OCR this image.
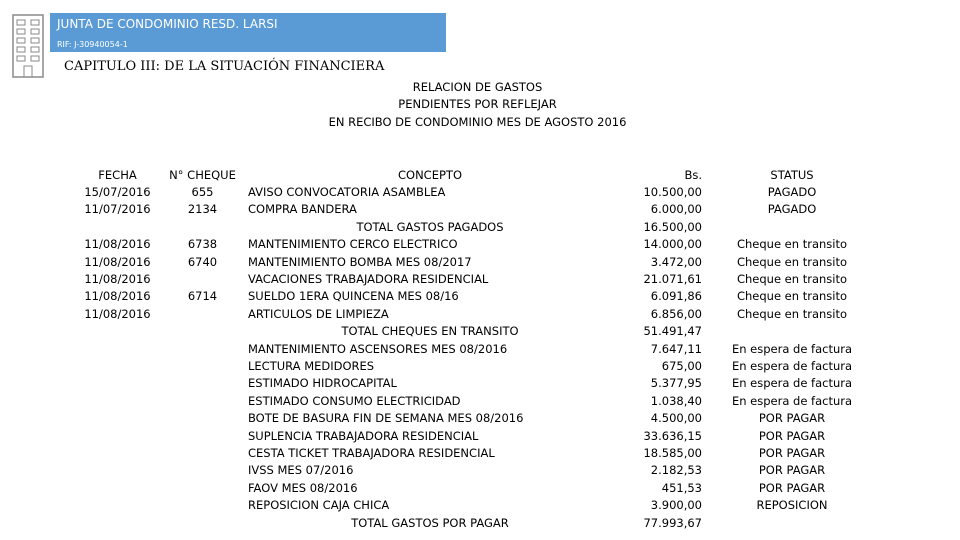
JUNTA DE CONDOMINIO RESD. LARSI
RIF: J-30940054-1
CAPITULO III: DE LA SITUACIÓN FINANCIERA
RELACION DE GASTOS
PENDIENTES POR REFLEJAR
EN RECIBO DE CONDOMINIO MES DE AGOSTO 2016
FECHA	N° CHEQUE	CONCEPTO	Bs.	STATUS
15/07/2016	655	AVISO CONVOCATORIA ASAMBLEA	10.500,00	PAGADO
11/07/2016	2134	COMPRA BANDERA	6.000,00	PAGADO
TOTAL GASTOS PAGADOS	16.500,00
11/08/2016	6738	MANTENIMIENTO CERCO ELECTRICO	14.000,00	Cheque en transito
11/08/2016	6740	MANTENIMIENTO BOMBA MES 08/2017	3.472,00	Cheque en transito
11/08/2016	VACACIONES TRABAJADORA RESIDENCIAL	21.071,61	Cheque en transito
11/08/2016	6714	SUELDO 1ERA QUINCENA MES 08/16	6.091,86	Cheque en transito
11/08/2016	ARTICULOS DE LIMPIEZA	6.856,00	Cheque en transito
TOTAL CHEQUES EN TRANSITO	51.491,47
MANTENIMIENTO ASCENSORES MES 08/2016	7.647,11	En espera de factura
LECTURA MEDIDORES	675,00	En espera de factura
ESTIMADO HIDROCAPITAL	5.377,95	En espera de factura
ESTIMADO CONSUMO ELECTRICIDAD	1.038,40	En espera de factura
BOTE DE BASURA FIN DE SEMANA MES 08/2016	4.500,00	POR PAGAR
SUPLENCIA TRABAJADORA RESIDENCIAL	33.636,15	POR PAGAR
CESTA TICKET TRABAJADORA RESIDENCIAL	18.585,00	POR PAGAR
IVSS MES 07/2016	2.182,53	POR PAGAR
FAOV MES 08/2016	451,53	POR PAGAR
REPOSICION CAJA CHICA	3.900,00	REPOSICION
TOTAL GASTOS POR PAGAR	77.993,67
